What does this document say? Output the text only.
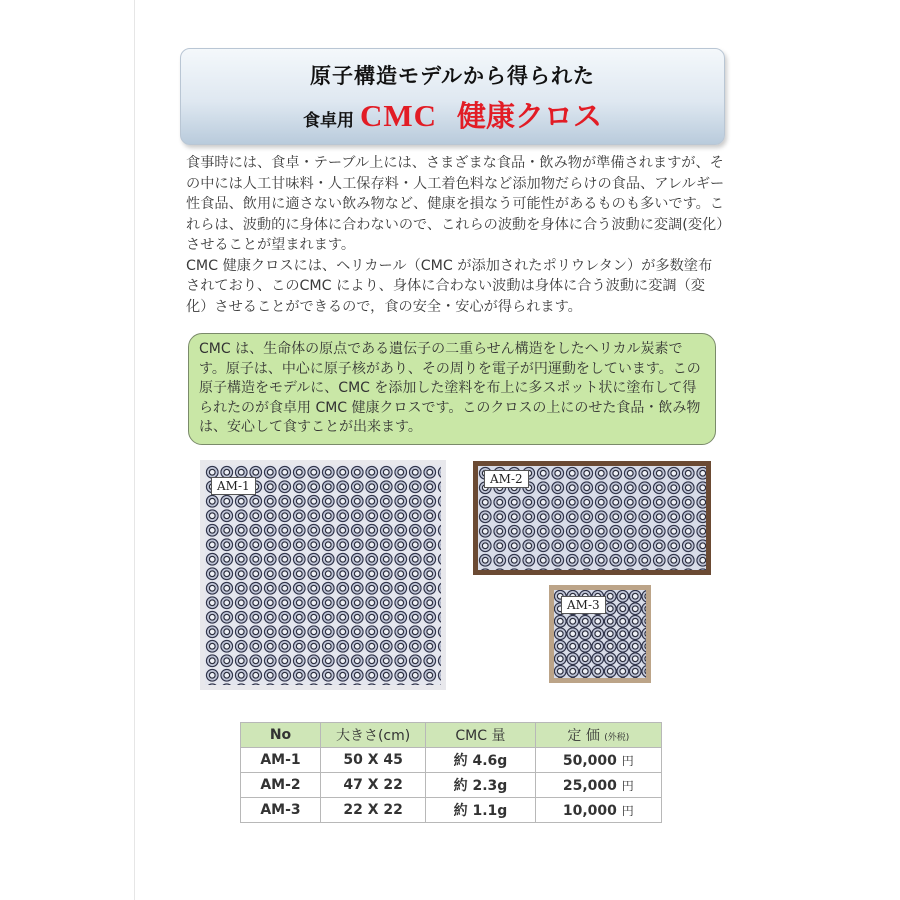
原子構造モデルから得られた
食卓用 CMC 健康クロス

食事時には、食卓・テーブル上には、さまざまな食品・飲み物が準備されますが、その中には人工甘味料・人工保存料・人工着色料など添加物だらけの食品、アレルギー性食品、飲用に適さない飲み物など、健康を損なう可能性があるものも多いです。これらは、波動的に身体に合わないので、これらの波動を身体に合う波動に変調(変化）させることが望まれます。

CMC 健康クロスには、ヘリカール（CMC が添加されたポリウレタン）が多数塗布されており、このCMC により、身体に合わない波動は身体に合う波動に変調（変化）させることができるので，食の安全・安心が得られます。

CMC は、生命体の原点である遺伝子の二重らせん構造をしたヘリカル炭素です。原子は、中心に原子核があり、その周りを電子が円運動をしています。この原子構造をモデルに、CMC を添加した塗料を布上に多スポット状に塗布して得られたのが食卓用 CMC 健康クロスです。このクロスの上にのせた食品・飲み物は、安心して食すことが出来ます。
AM-1	AM-2
AM-3
No	大きさ(cm)	CMC 量	定 価 (外税)
AM-1	50 X 45	約 4.6g	50,000 円
AM-2	47 X 22	約 2.3g	25,000 円
AM-3	22 X 22	約 1.1g	10,000 円
